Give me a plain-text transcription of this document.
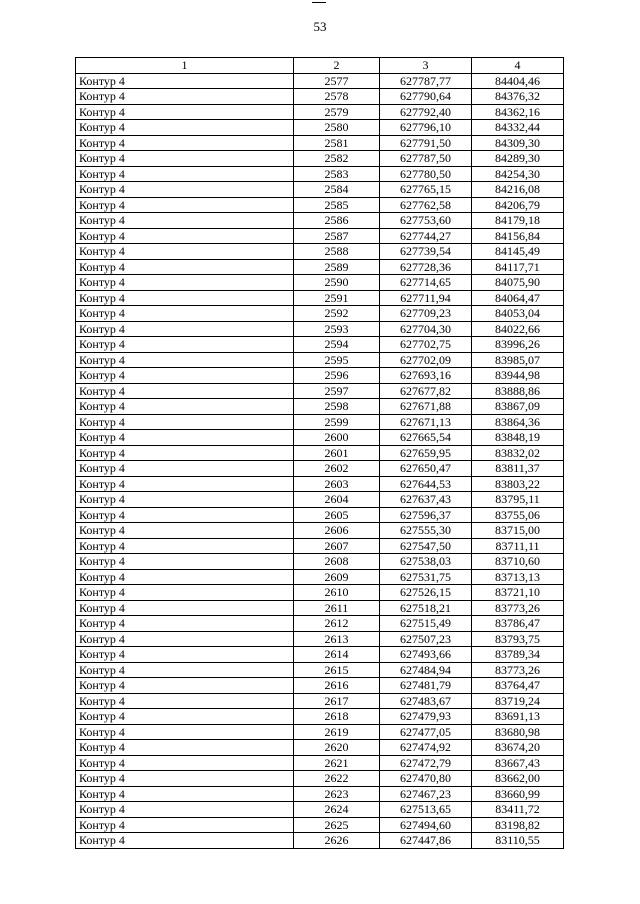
53
1	2	3	4
Контур 4	2577	627787,77	84404,46
Контур 4	2578	627790,64	84376,32
Контур 4	2579	627792,40	84362,16
Контур 4	2580	627796,10	84332,44
Контур 4	2581	627791,50	84309,30
Контур 4	2582	627787,50	84289,30
Контур 4	2583	627780,50	84254,30
Контур 4	2584	627765,15	84216,08
Контур 4	2585	627762,58	84206,79
Контур 4	2586	627753,60	84179,18
Контур 4	2587	627744,27	84156,84
Контур 4	2588	627739,54	84145,49
Контур 4	2589	627728,36	84117,71
Контур 4	2590	627714,65	84075,90
Контур 4	2591	627711,94	84064,47
Контур 4	2592	627709,23	84053,04
Контур 4	2593	627704,30	84022,66
Контур 4	2594	627702,75	83996,26
Контур 4	2595	627702,09	83985,07
Контур 4	2596	627693,16	83944,98
Контур 4	2597	627677,82	83888,86
Контур 4	2598	627671,88	83867,09
Контур 4	2599	627671,13	83864,36
Контур 4	2600	627665,54	83848,19
Контур 4	2601	627659,95	83832,02
Контур 4	2602	627650,47	83811,37
Контур 4	2603	627644,53	83803,22
Контур 4	2604	627637,43	83795,11
Контур 4	2605	627596,37	83755,06
Контур 4	2606	627555,30	83715,00
Контур 4	2607	627547,50	83711,11
Контур 4	2608	627538,03	83710,60
Контур 4	2609	627531,75	83713,13
Контур 4	2610	627526,15	83721,10
Контур 4	2611	627518,21	83773,26
Контур 4	2612	627515,49	83786,47
Контур 4	2613	627507,23	83793,75
Контур 4	2614	627493,66	83789,34
Контур 4	2615	627484,94	83773,26
Контур 4	2616	627481,79	83764,47
Контур 4	2617	627483,67	83719,24
Контур 4	2618	627479,93	83691,13
Контур 4	2619	627477,05	83680,98
Контур 4	2620	627474,92	83674,20
Контур 4	2621	627472,79	83667,43
Контур 4	2622	627470,80	83662,00
Контур 4	2623	627467,23	83660,99
Контур 4	2624	627513,65	83411,72
Контур 4	2625	627494,60	83198,82
Контур 4	2626	627447,86	83110,55
